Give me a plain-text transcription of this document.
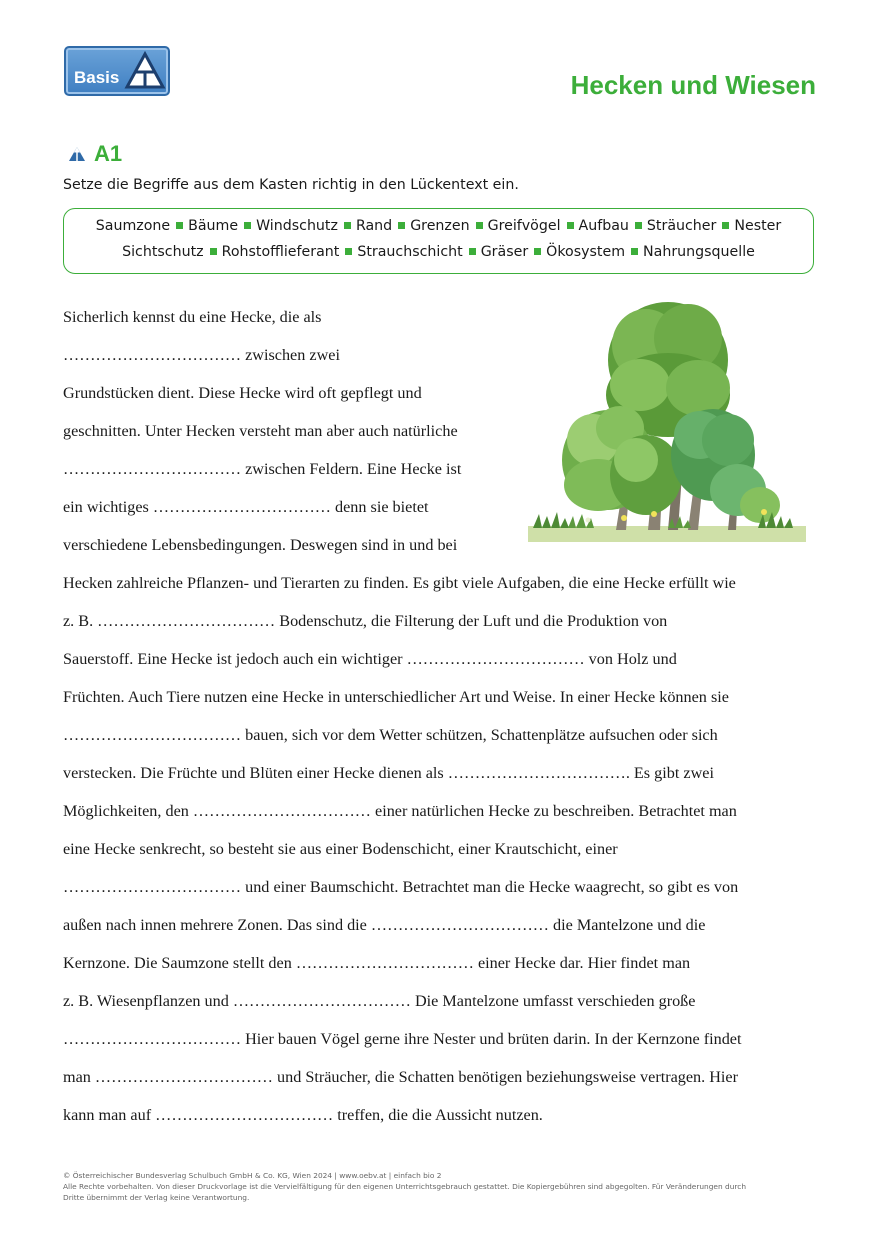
Basis	Hecken und Wiesen
A1
Setze die Begriffe aus dem Kasten richtig in den Lückentext ein.
Saumzone Bäume Windschutz Rand Grenzen Greifvögel Aufbau Sträucher Nester
Sichtschutz Rohstofflieferant Strauchschicht Gräser Ökosystem Nahrungsquelle
Sicherlich kennst du eine Hecke, die als
…………………………… zwischen zwei
Grundstücken dient. Diese Hecke wird oft gepflegt und
geschnitten. Unter Hecken versteht man aber auch natürliche
…………………………… zwischen Feldern. Eine Hecke ist
ein wichtiges …………………………… denn sie bietet
verschiedene Lebensbedingungen. Deswegen sind in und bei
Hecken zahlreiche Pflanzen- und Tierarten zu finden. Es gibt viele Aufgaben, die eine Hecke erfüllt wie
z. B. …………………………… Bodenschutz, die Filterung der Luft und die Produktion von
Sauerstoff. Eine Hecke ist jedoch auch ein wichtiger …………………………… von Holz und
Früchten. Auch Tiere nutzen eine Hecke in unterschiedlicher Art und Weise. In einer Hecke können sie
…………………………… bauen, sich vor dem Wetter schützen, Schattenplätze aufsuchen oder sich
verstecken. Die Früchte und Blüten einer Hecke dienen als ……………………………. Es gibt zwei
Möglichkeiten, den …………………………… einer natürlichen Hecke zu beschreiben. Betrachtet man
eine Hecke senkrecht, so besteht sie aus einer Bodenschicht, einer Krautschicht, einer
…………………………… und einer Baumschicht. Betrachtet man die Hecke waagrecht, so gibt es von
außen nach innen mehrere Zonen. Das sind die …………………………… die Mantelzone und die
Kernzone. Die Saumzone stellt den …………………………… einer Hecke dar. Hier findet man
z. B. Wiesenpflanzen und …………………………… Die Mantelzone umfasst verschieden große
…………………………… Hier bauen Vögel gerne ihre Nester und brüten darin. In der Kernzone findet
man …………………………… und Sträucher, die Schatten benötigen beziehungsweise vertragen. Hier
kann man auf …………………………… treffen, die die Aussicht nutzen.
© Österreichischer Bundesverlag Schulbuch GmbH & Co. KG, Wien 2024 | www.oebv.at | einfach bio 2
Alle Rechte vorbehalten. Von dieser Druckvorlage ist die Vervielfältigung für den eigenen Unterrichtsgebrauch gestattet. Die Kopiergebühren sind abgegolten. Für Veränderungen durch
Dritte übernimmt der Verlag keine Verantwortung.
